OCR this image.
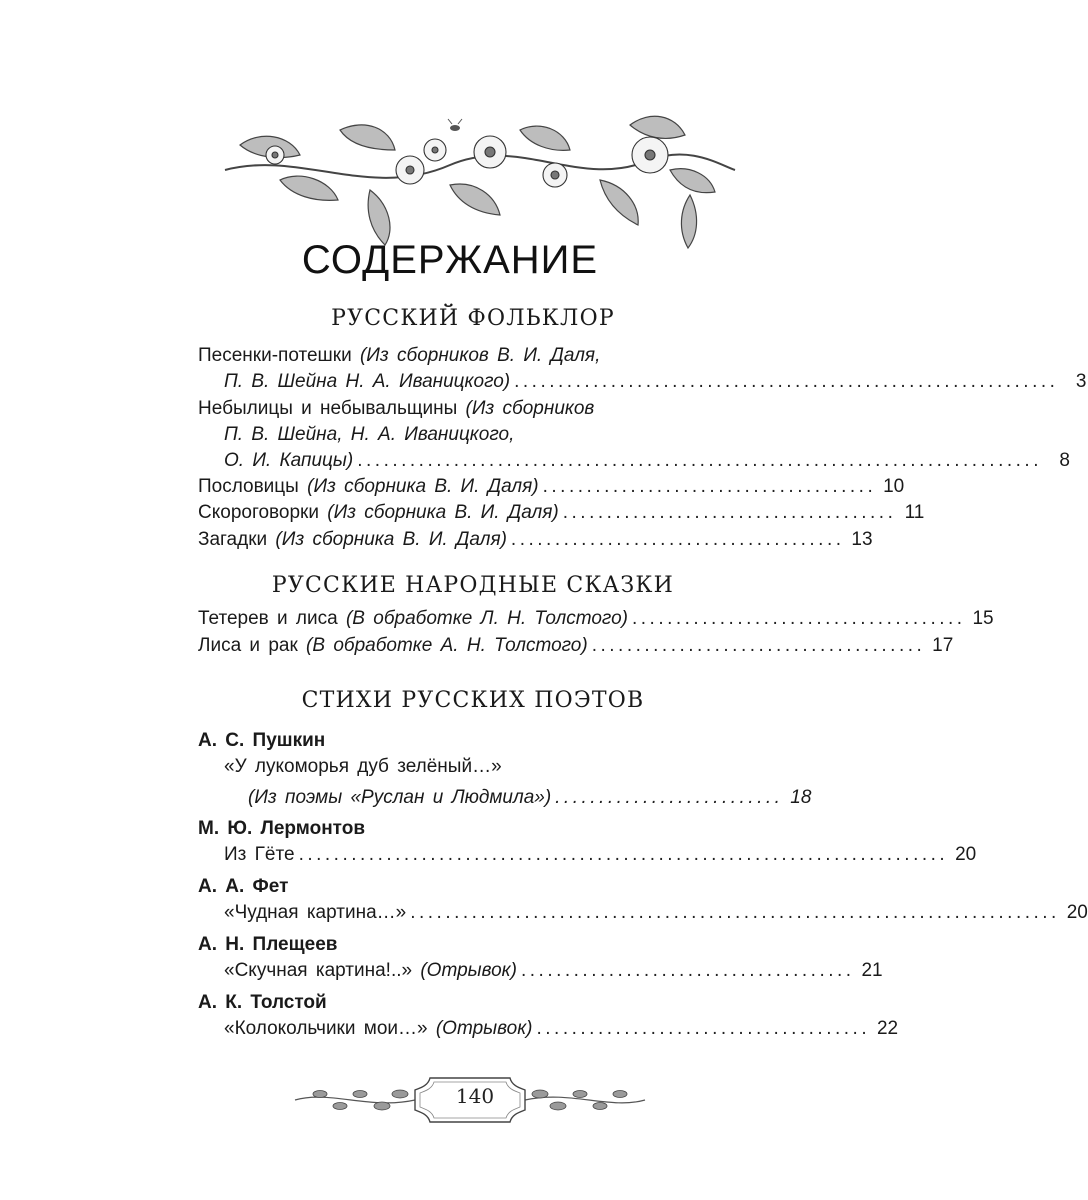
СОДЕРЖАНИЕ
РУССКИЙ ФОЛЬКЛОР
Песенки-потешки (Из сборников В. И. Даля,
П. В. Шейна Н. А. Иваницкого) .............................................................. 3
Небылицы и небывальщины (Из сборников
П. В. Шейна, Н. А. Иваницкого,
О. И. Капицы) .............................................................................. 8
Пословицы (Из сборника В. И. Даля) ...................................... 10
Скороговорки (Из сборника В. И. Даля) ...................................... 11
Загадки (Из сборника В. И. Даля) ...................................... 13
РУССКИЕ НАРОДНЫЕ СКАЗКИ
Тетерев и лиса (В обработке Л. Н. Толстого) ...................................... 15
Лиса и рак (В обработке А. Н. Толстого) ...................................... 17
СТИХИ РУССКИХ ПОЭТОВ
А. С. Пушкин
«У лукоморья дуб зелёный…»
(Из поэмы «Руслан и Людмила») .......................... 18
М. Ю. Лермонтов
Из Гёте .......................................................................... 20
А. А. Фет
«Чудная картина…» .......................................................................... 20
А. Н. Плещеев
«Скучная картина!..» (Отрывок) ...................................... 21
А. К. Толстой
«Колокольчики мои…» (Отрывок) ...................................... 22
140
